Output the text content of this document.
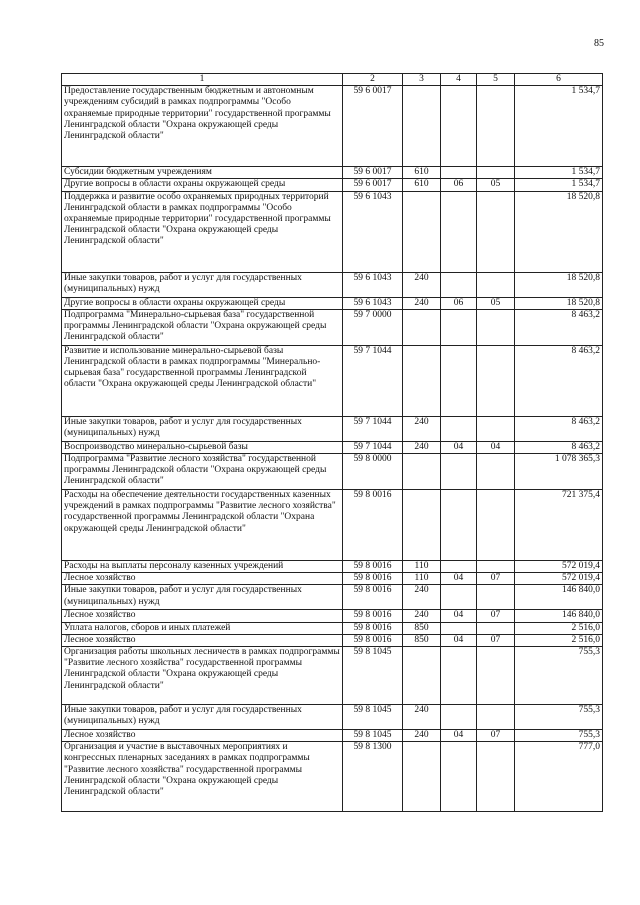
85
1	2	3	4	5	6
Предоставление государственным бюджетным и автономным учреждениям субсидий в рамках подпрограммы "Особо охраняемые природные территории" государственной программы Ленинградской области "Охрана окружающей среды Ленинградской области"	59 6 0017				1 534,7
Субсидии бюджетным учреждениям	59 6 0017	610			1 534,7
Другие вопросы в области охраны окружающей среды	59 6 0017	610	06	05	1 534,7
Поддержка и развитие особо охраняемых природных территорий Ленинградской области в рамках подпрограммы "Особо охраняемые природные территории" государственной программы Ленинградской области "Охрана окружающей среды Ленинградской области"	59 6 1043				18 520,8
Иные закупки товаров, работ и услуг для государственных (муниципальных) нужд	59 6 1043	240			18 520,8
Другие вопросы в области охраны окружающей среды	59 6 1043	240	06	05	18 520,8
Подпрограмма "Минерально-сырьевая база" государственной программы Ленинградской области "Охрана окружающей среды Ленинградской области"	59 7 0000				8 463,2
Развитие и использование минерально-сырьевой базы Ленинградской области в рамках подпрограммы "Минерально-сырьевая база" государственной программы Ленинградской области "Охрана окружающей среды Ленинградской области"	59 7 1044				8 463,2
Иные закупки товаров, работ и услуг для государственных (муниципальных) нужд	59 7 1044	240			8 463,2
Воспроизводство минерально-сырьевой базы	59 7 1044	240	04	04	8 463,2
Подпрограмма "Развитие лесного хозяйства" государственной программы Ленинградской области "Охрана окружающей среды Ленинградской области"	59 8 0000				1 078 365,3
Расходы на обеспечение деятельности государственных казенных учреждений в рамках подпрограммы "Развитие лесного хозяйства" государственной программы Ленинградской области "Охрана окружающей среды Ленинградской области"	59 8 0016				721 375,4
Расходы на выплаты персоналу казенных учреждений	59 8 0016	110			572 019,4
Лесное хозяйство	59 8 0016	110	04	07	572 019,4
Иные закупки товаров, работ и услуг для государственных (муниципальных) нужд	59 8 0016	240			146 840,0
Лесное хозяйство	59 8 0016	240	04	07	146 840,0
Уплата налогов, сборов и иных платежей	59 8 0016	850			2 516,0
Лесное хозяйство	59 8 0016	850	04	07	2 516,0
Организация работы школьных лесничеств в рамках подпрограммы "Развитие лесного хозяйства" государственной программы Ленинградской области "Охрана окружающей среды Ленинградской области"	59 8 1045				755,3
Иные закупки товаров, работ и услуг для государственных (муниципальных) нужд	59 8 1045	240			755,3
Лесное хозяйство	59 8 1045	240	04	07	755,3
Организация и участие в выставочных мероприятиях и конгрессных пленарных заседаниях в рамках подпрограммы "Развитие лесного хозяйства" государственной программы Ленинградской области "Охрана окружающей среды Ленинградской области"	59 8 1300				777,0
